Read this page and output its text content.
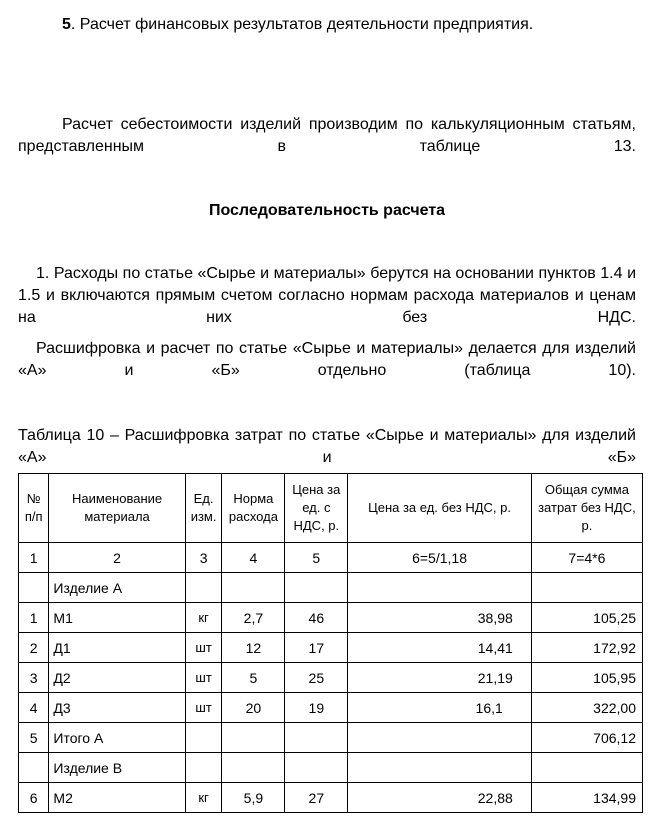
5. Расчет финансовых результатов деятельности предприятия.
Расчет себестоимости изделий производим по калькуляционным статьям, представленным в таблице 13.
Последовательность расчета
1. Расходы по статье «Сырье и материалы» берутся на основании пунктов 1.4 и 1.5 и включаются прямым счетом согласно нормам расхода материалов и ценам на них без НДС.
Расшифровка и расчет по статье «Сырье и материалы» делается для изделий «А» и «Б» отдельно (таблица 10).
Таблица 10 – Расшифровка затрат по статье «Сырье и материалы» для изделий «А» и «Б»
№ п/п	Наименование материала	Ед. изм.	Норма расхода	Цена за ед. с НДС, р.	Цена за ед. без НДС, р.	Общая сумма затрат без НДС, р.
1	2	3	4	5	6=5/1,18	7=4*6
	Изделие А					
1	М1	кг	2,7	46	38,98	105,25
2	Д1	шт	12	17	14,41	172,92
3	Д2	шт	5	25	21,19	105,95
4	Д3	шт	20	19	16,1	322,00
5	Итого А					706,12
	Изделие В					
6	М2	кг	5,9	27	22,88	134,99
